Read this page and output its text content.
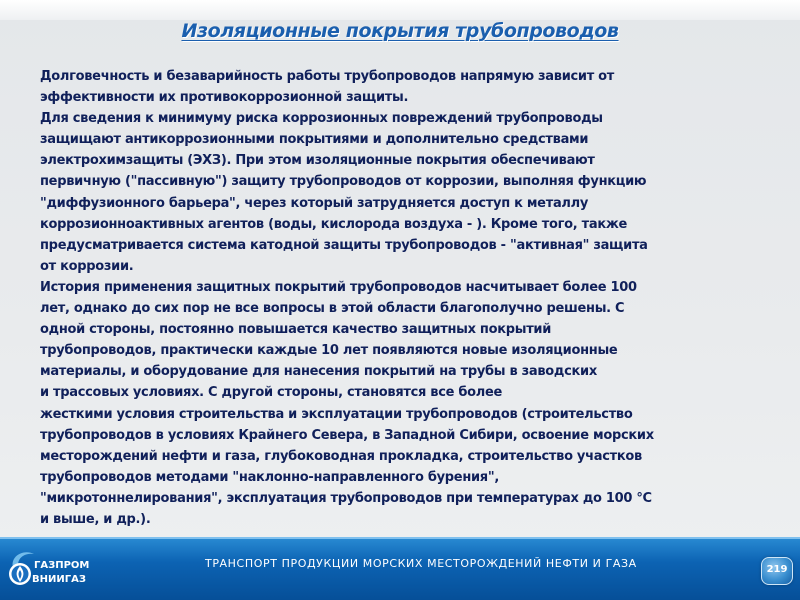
Изоляционные покрытия трубопроводов

Долговечность и безаварийность работы трубопроводов напрямую зависит от
эффективности их противокоррозионной защиты.

Для сведения к минимуму риска коррозионных повреждений трубопроводы
защищают антикоррозионными покрытиями и дополнительно средствами
электрохимзащиты (ЭХЗ). При этом изоляционные покрытия обеспечивают
первичную ("пассивную") защиту трубопроводов от коррозии, выполняя функцию
"диффузионного барьера", через который затрудняется доступ к металлу
коррозионноактивных агентов (воды, кислорода воздуха - ). Кроме того, также
предусматривается система катодной защиты трубопроводов - "активная" защита
от коррозии.

История применения защитных покрытий трубопроводов насчитывает более 100
лет, однако до сих пор не все вопросы в этой области благополучно решены. С
одной стороны, постоянно повышается качество защитных покрытий
трубопроводов, практически каждые 10 лет появляются новые изоляционные
материалы, и оборудование для нанесения покрытий на трубы в заводских
и трассовых условиях. С другой стороны, становятся все более
жесткими условия строительства и эксплуатации трубопроводов (строительство
трубопроводов в условиях Крайнего Севера, в Западной Сибири, освоение морских
месторождений нефти и газа, глубоководная прокладка, строительство участков
трубопроводов методами "наклонно-направленного бурения",
"микротоннелирования", эксплуатация трубопроводов при температурах до 100 °С
и выше, и др.).

ГАЗПРОМ
ВНИИГАЗ
ТРАНСПОРТ ПРОДУКЦИИ МОРСКИХ МЕСТОРОЖДЕНИЙ НЕФТИ И ГАЗА	219
